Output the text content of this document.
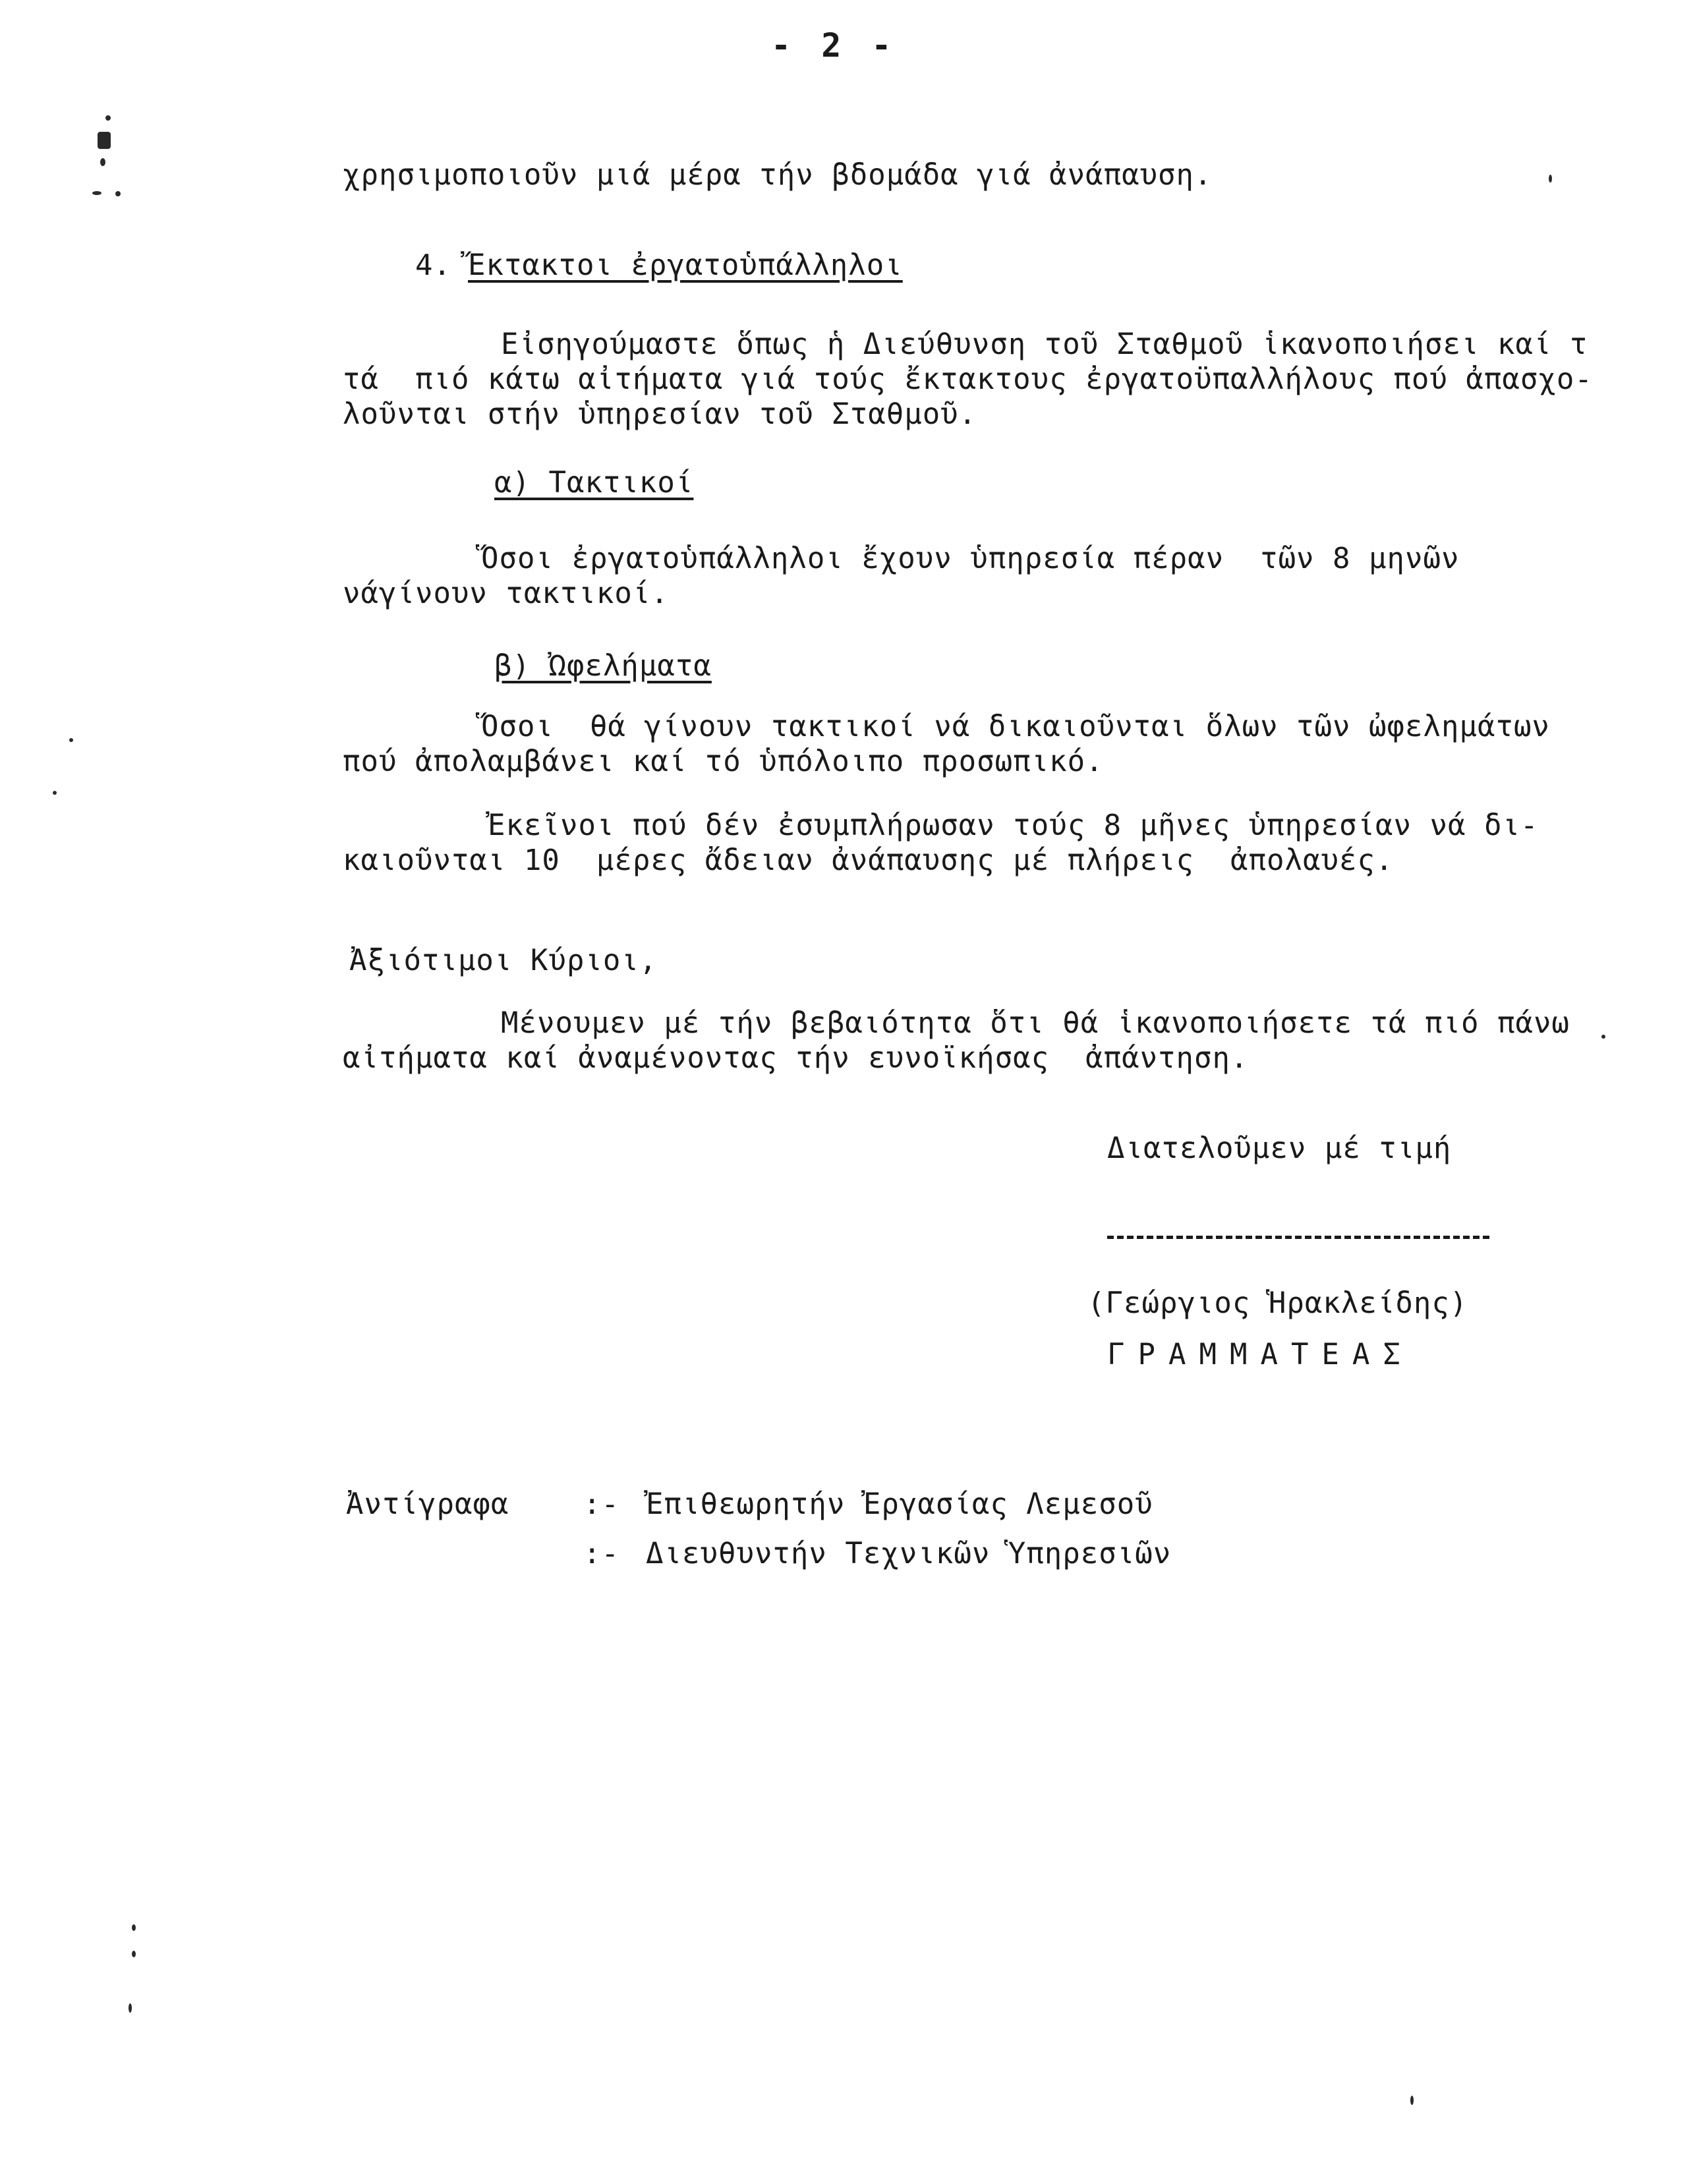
- 2 -
χρησιμοποιοῦν μιά μέρα τήν βδομάδα γιά ἀνάπαυση.
4. Ἔκτακτοι ἐργατοὑπάλληλοι
Εἰσηγούμαστε ὅπως ἡ Διεύθυνση τοῦ Σταθμοῦ ἱκανοποιήσει καί τ
τά  πιό κάτω αἰτήματα γιά τούς ἔκτακτους ἐργατοϋπαλλήλους πού ἀπασχο-
λοῦνται στήν ὑπηρεσίαν τοῦ Σταθμοῦ.
α) Τακτικοί
Ὅσοι ἐργατοὑπάλληλοι ἔχουν ὑπηρεσία πέραν  τῶν 8 μηνῶν
νάγίνουν τακτικοί.
β) Ὠφελήματα
Ὅσοι  θά γίνουν τακτικοί νά δικαιοῦνται ὅλων τῶν ὠφελημάτων
πού ἀπολαμβάνει καί τό ὑπόλοιπο προσωπικό.
Ἐκεῖνοι πού δέν ἐσυμπλήρωσαν τούς 8 μῆνες ὑπηρεσίαν νά δι-
καιοῦνται 10  μέρες ἄδειαν ἀνάπαυσης μέ πλήρεις  ἀπολαυές.
Ἀξιότιμοι Κύριοι,
Μένουμεν μέ τήν βεβαιότητα ὅτι θά ἱκανοποιήσετε τά πιό πάνω
αἰτήματα καί ἀναμένοντας τήν ευνοϊκήσας  ἀπάντηση.
Διατελοῦμεν μέ τιμή
(Γεώργιος Ἡρακλείδης)
ΓΡΑΜΜΑΤΕΑΣ
Ἀντίγραφα	:- Ἐπιθεωρητήν Ἐργασίας Λεμεσοῦ
:- Διευθυντήν Τεχνικῶν Ὑπηρεσιῶν
